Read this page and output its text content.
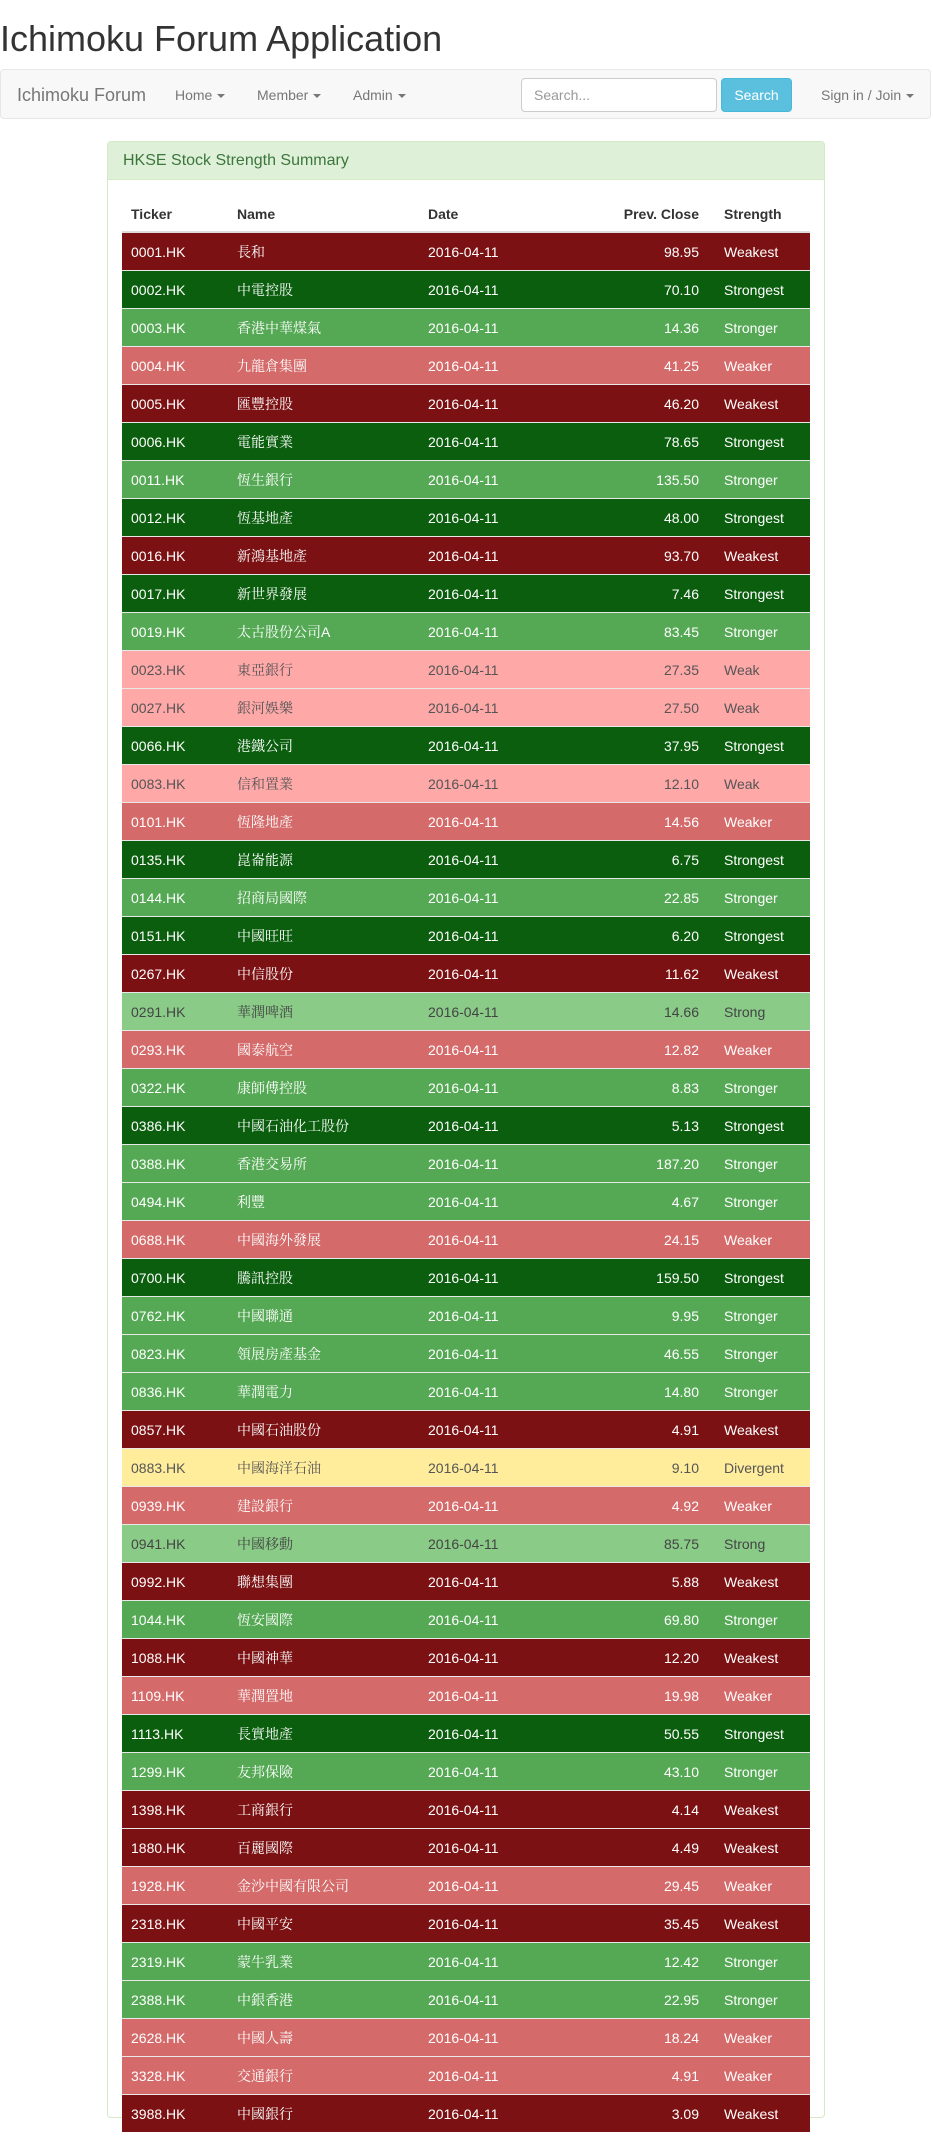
Ichimoku Forum Application
Ichimoku Forum Home	Member	Admin
Search...	Search	Sign in / Join
HKSE Stock Strength Summary
Ticker	Name	Date	Prev. Close	Strength
0001.HK	長和	2016-04-11	98.95	Weakest
0002.HK	中電控股	2016-04-11	70.10	Strongest
0003.HK	香港中華煤氣	2016-04-11	14.36	Stronger
0004.HK	九龍倉集團	2016-04-11	41.25	Weaker
0005.HK	匯豐控股	2016-04-11	46.20	Weakest
0006.HK	電能實業	2016-04-11	78.65	Strongest
0011.HK	恆生銀行	2016-04-11	135.50	Stronger
0012.HK	恆基地產	2016-04-11	48.00	Strongest
0016.HK	新鴻基地產	2016-04-11	93.70	Weakest
0017.HK	新世界發展	2016-04-11	7.46	Strongest
0019.HK	太古股份公司A	2016-04-11	83.45	Stronger
0023.HK	東亞銀行	2016-04-11	27.35	Weak
0027.HK	銀河娛樂	2016-04-11	27.50	Weak
0066.HK	港鐵公司	2016-04-11	37.95	Strongest
0083.HK	信和置業	2016-04-11	12.10	Weak
0101.HK	恆隆地產	2016-04-11	14.56	Weaker
0135.HK	崑崙能源	2016-04-11	6.75	Strongest
0144.HK	招商局國際	2016-04-11	22.85	Stronger
0151.HK	中國旺旺	2016-04-11	6.20	Strongest
0267.HK	中信股份	2016-04-11	11.62	Weakest
0291.HK	華潤啤酒	2016-04-11	14.66	Strong
0293.HK	國泰航空	2016-04-11	12.82	Weaker
0322.HK	康師傅控股	2016-04-11	8.83	Stronger
0386.HK	中國石油化工股份	2016-04-11	5.13	Strongest
0388.HK	香港交易所	2016-04-11	187.20	Stronger
0494.HK	利豐	2016-04-11	4.67	Stronger
0688.HK	中國海外發展	2016-04-11	24.15	Weaker
0700.HK	騰訊控股	2016-04-11	159.50	Strongest
0762.HK	中國聯通	2016-04-11	9.95	Stronger
0823.HK	領展房產基金	2016-04-11	46.55	Stronger
0836.HK	華潤電力	2016-04-11	14.80	Stronger
0857.HK	中國石油股份	2016-04-11	4.91	Weakest
0883.HK	中國海洋石油	2016-04-11	9.10	Divergent
0939.HK	建設銀行	2016-04-11	4.92	Weaker
0941.HK	中國移動	2016-04-11	85.75	Strong
0992.HK	聯想集團	2016-04-11	5.88	Weakest
1044.HK	恆安國際	2016-04-11	69.80	Stronger
1088.HK	中國神華	2016-04-11	12.20	Weakest
1109.HK	華潤置地	2016-04-11	19.98	Weaker
1113.HK	長實地產	2016-04-11	50.55	Strongest
1299.HK	友邦保險	2016-04-11	43.10	Stronger
1398.HK	工商銀行	2016-04-11	4.14	Weakest
1880.HK	百麗國際	2016-04-11	4.49	Weakest
1928.HK	金沙中國有限公司	2016-04-11	29.45	Weaker
2318.HK	中國平安	2016-04-11	35.45	Weakest
2319.HK	蒙牛乳業	2016-04-11	12.42	Stronger
2388.HK	中銀香港	2016-04-11	22.95	Stronger
2628.HK	中國人壽	2016-04-11	18.24	Weaker
3328.HK	交通銀行	2016-04-11	4.91	Weaker
3988.HK	中國銀行	2016-04-11	3.09	Weakest
